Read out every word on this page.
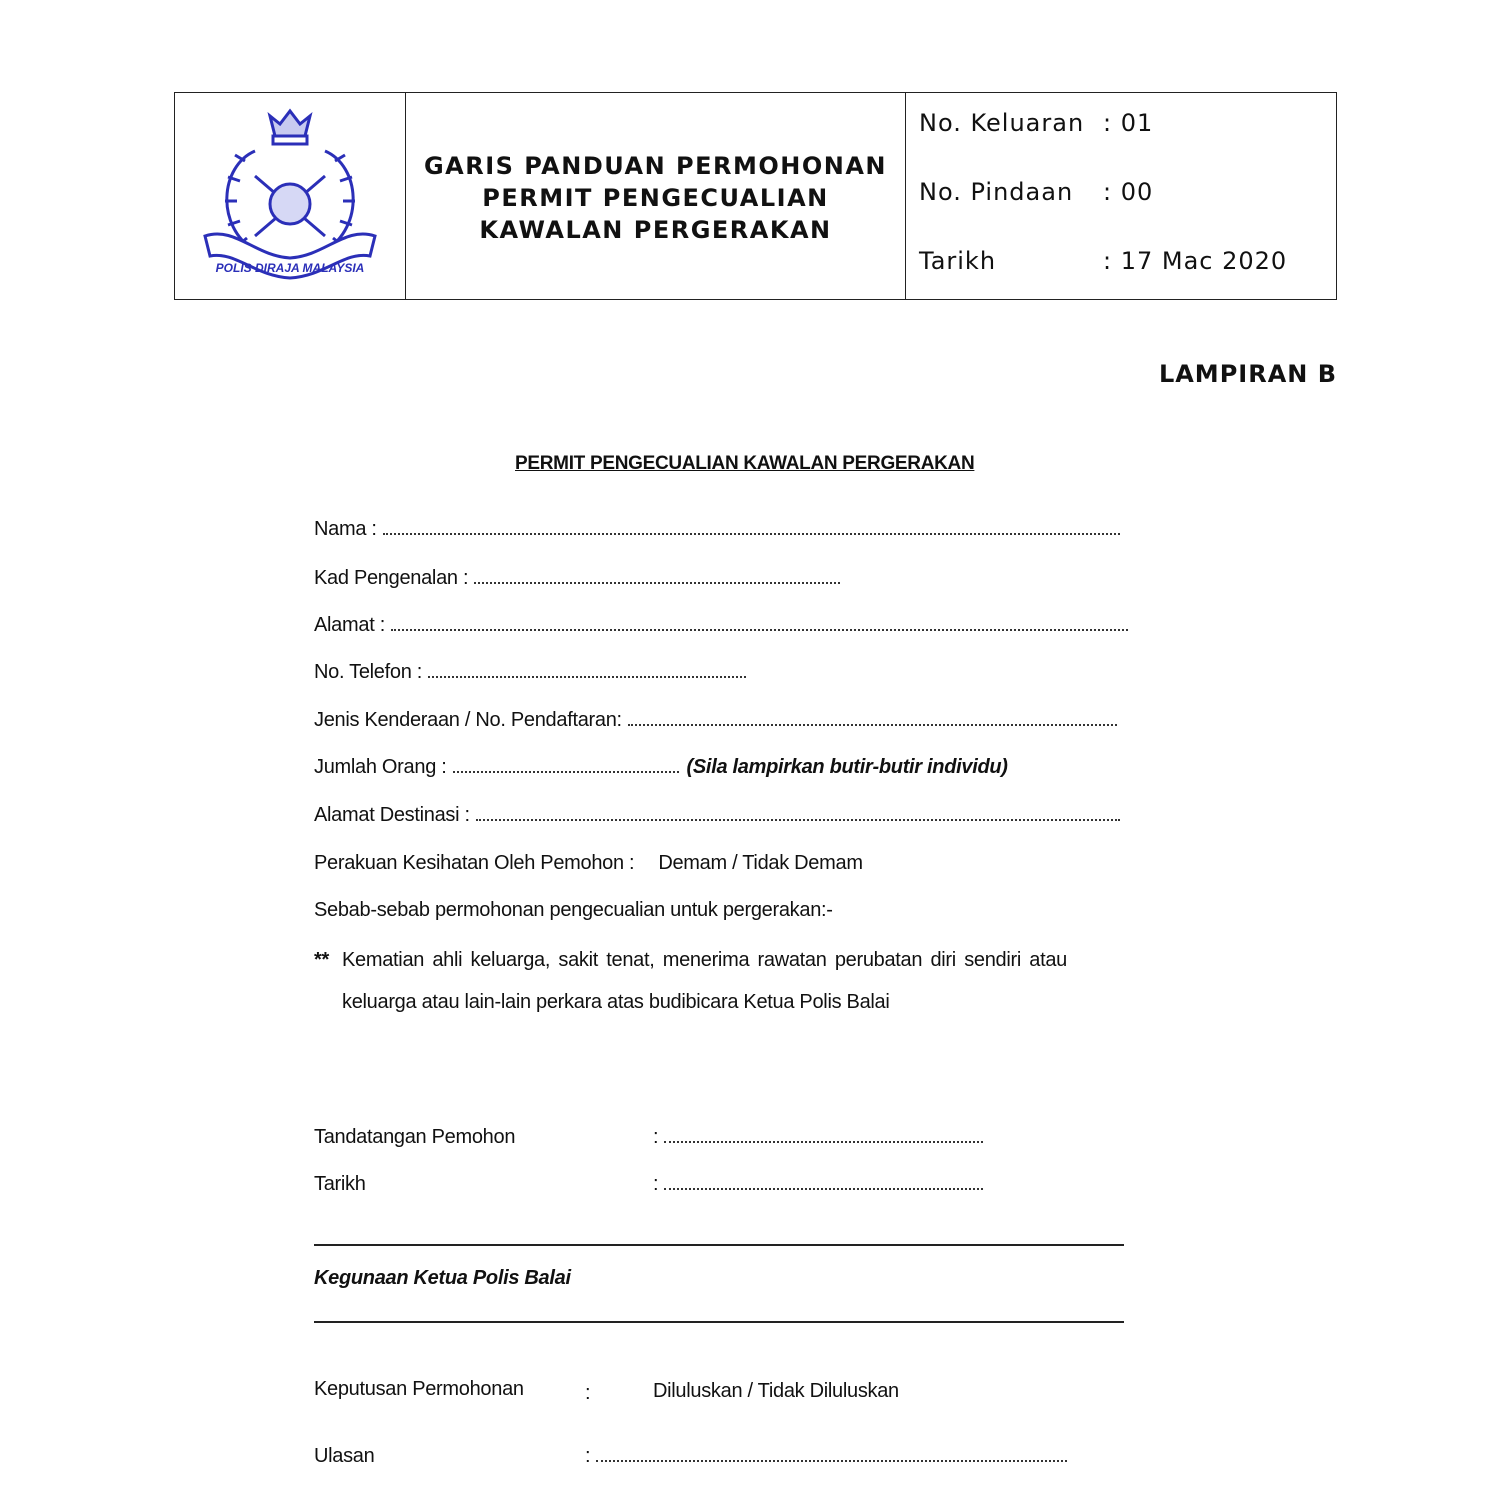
POLIS DIRAJA MALAYSIA
GARIS PANDUAN PERMOHONAN
PERMIT PENGECUALIAN
KAWALAN PERGERAKAN
No. Keluaran : 01
No. Pindaan	: 00
Tarikh	: 17 Mac 2020
LAMPIRAN B
PERMIT PENGECUALIAN KAWALAN PERGERAKAN
Nama :
Kad Pengenalan :
Alamat :
No. Telefon :
Jenis Kenderaan / No. Pendaftaran:
Jumlah Orang :	(Sila lampirkan butir-butir individu)
Alamat Destinasi :
Perakuan Kesihatan Oleh Pemohon : Demam / Tidak Demam
Sebab-sebab permohonan pengecualian untuk pergerakan:-
** Kematian ahli keluarga, sakit tenat, menerima rawatan perubatan diri sendiri atau
keluarga atau lain-lain perkara atas budibicara Ketua Polis Balai
Tandatangan Pemohon	:
Tarikh	:
Kegunaan Ketua Polis Balai
Keputusan Permohonan	:	Diluluskan / Tidak Diluluskan
Ulasan	:
